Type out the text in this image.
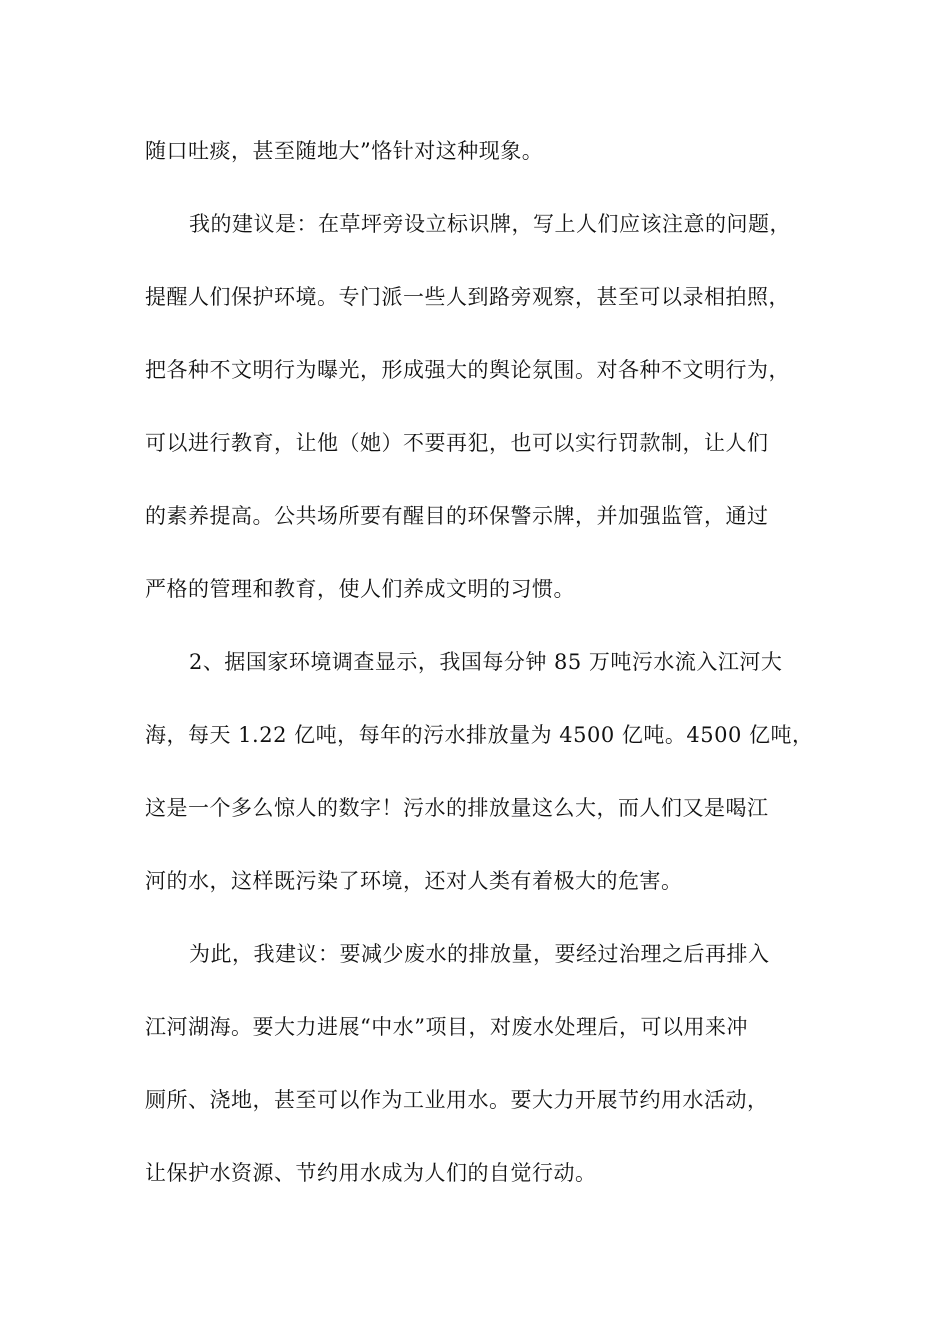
随口吐痰，甚至随地大”恪针对这种现象。
我的建议是：在草坪旁设立标识牌，写上人们应该注意的问题，
提醒人们保护环境。专门派一些人到路旁观察，甚至可以录相拍照，
把各种不文明行为曝光，形成强大的舆论氛围。对各种不文明行为，
可以进行教育，让他（她）不要再犯，也可以实行罚款制，让人们
的素养提高。公共场所要有醒目的环保警示牌，并加强监管，通过
严格的管理和教育，使人们养成文明的习惯。
2、据国家环境调查显示，我国每分钟 85 万吨污水流入江河大
海，每天 1.22 亿吨，每年的污水排放量为 4500 亿吨。4500 亿吨，
这是一个多么惊人的数字！污水的排放量这么大，而人们又是喝江
河的水，这样既污染了环境，还对人类有着极大的危害。
为此，我建议：要减少废水的排放量，要经过治理之后再排入
江河湖海。要大力进展“中水”项目，对废水处理后，可以用来冲
厕所、浇地，甚至可以作为工业用水。要大力开展节约用水活动，
让保护水资源、节约用水成为人们的自觉行动。
